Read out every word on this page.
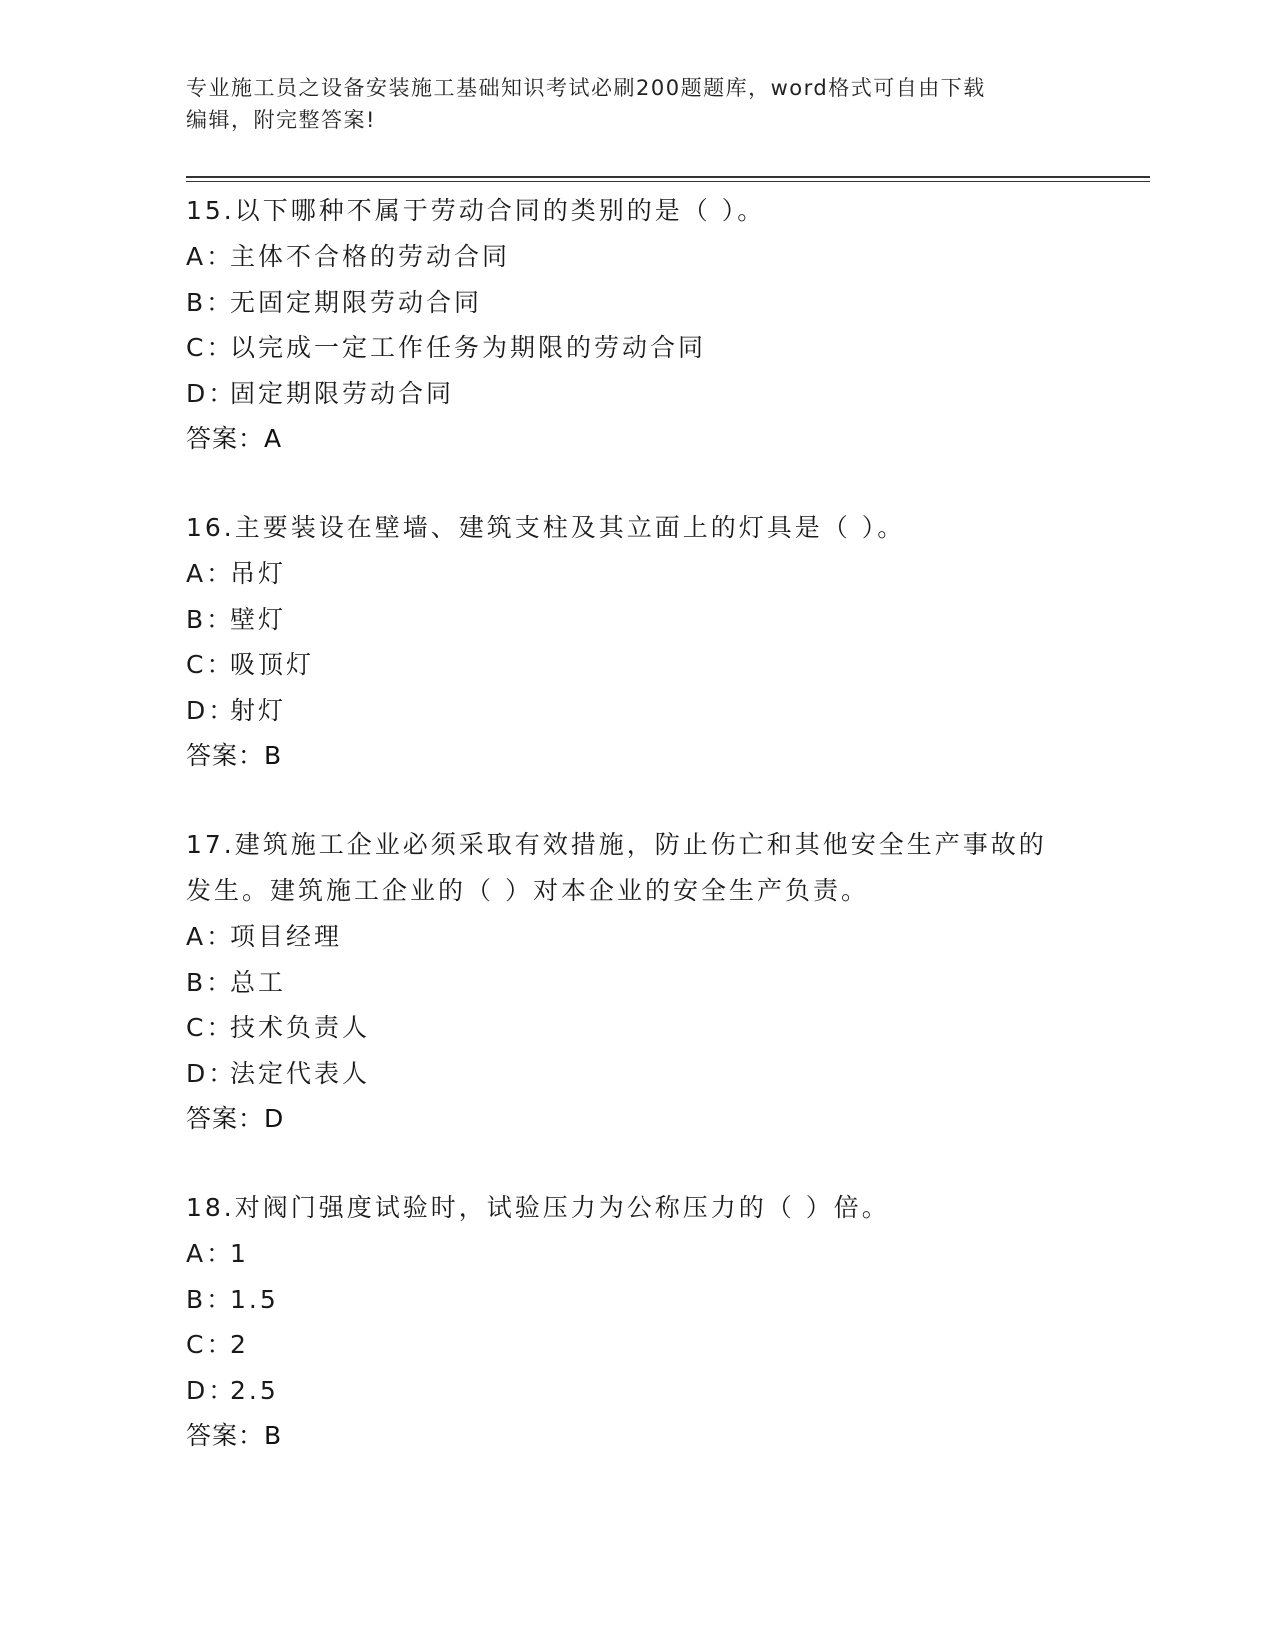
专业施工员之设备安装施工基础知识考试必刷200题题库，word格式可自由下载
编辑，附完整答案!

15.以下哪种不属于劳动合同的类别的是（ ）。

A：
主体不合格的劳动合同
B：
无固定期限劳动合同
C：
以完成一定工作任务为期限的劳动合同
D：
固定期限劳动合同
答案：A

16.主要装设在壁墙、建筑支柱及其立面上的灯具是（ ）。

A：
吊灯
B：
壁灯
C：
吸顶灯
D：
射灯
答案：B

17.建筑施工企业必须采取有效措施，防止伤亡和其他安全生产事故的

发生。建筑施工企业的（ ）对本企业的安全生产负责。

A：
项目经理
B：
总工
C：
技术负责人
D：
法定代表人
答案：D

18.对阀门强度试验时，试验压力为公称压力的（ ）倍。

A：
1
B：
1.5
C：
2
D：
2.5
答案：B
